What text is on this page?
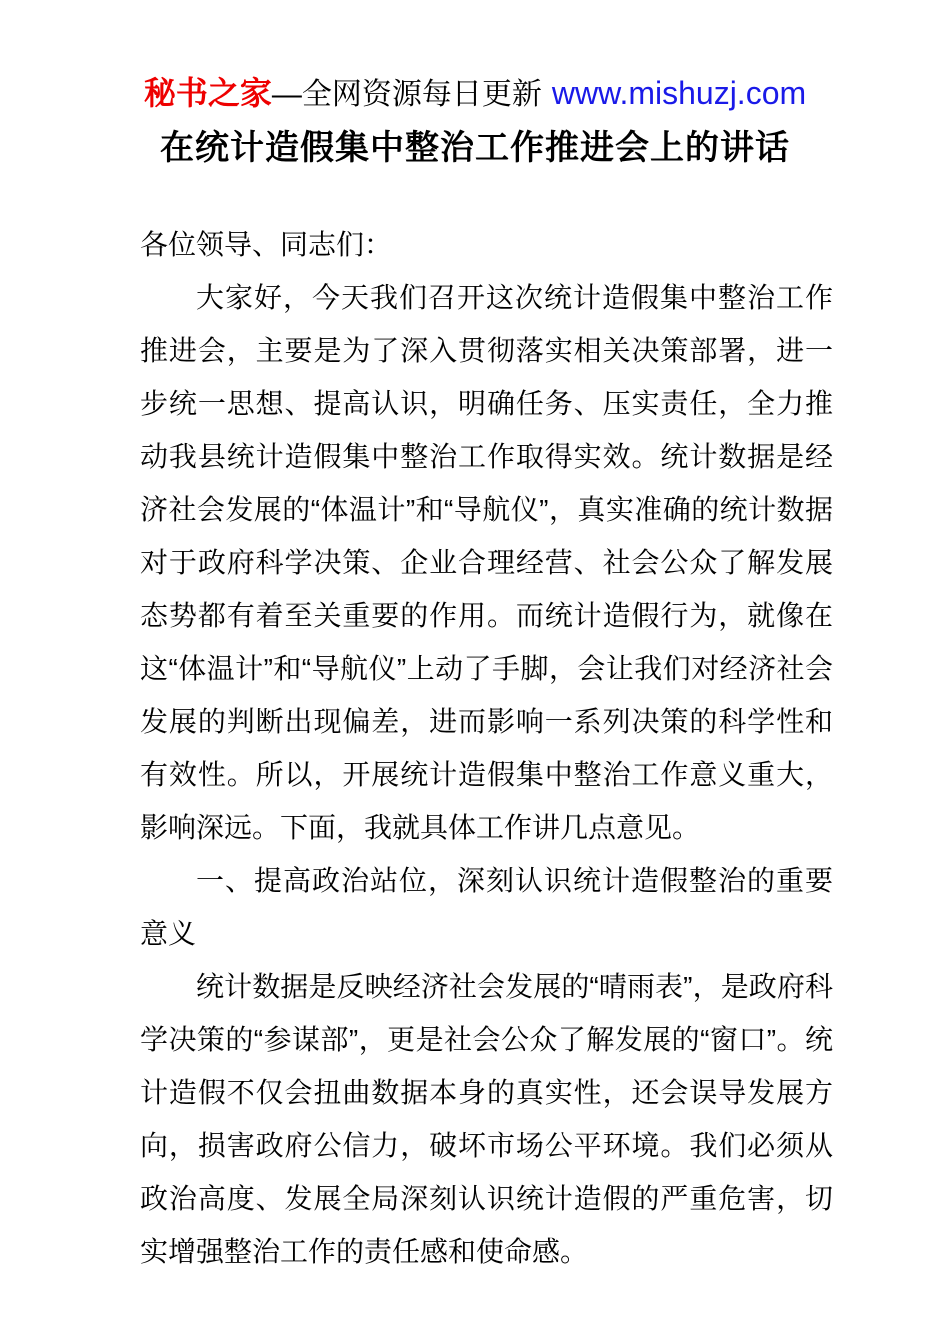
秘书之家—全网资源每日更新 www.mishuzj.com
在统计造假集中整治工作推进会上的讲话

各位领导、同志们：

大家好，今天我们召开这次统计造假集中整治工作推进会，主要是为了深入贯彻落实相关决策部署，进一步统一思想、提高认识，明确任务、压实责任，全力推动我县统计造假集中整治工作取得实效。统计数据是经济社会发展的“体温计”和“导航仪”，真实准确的统计数据对于政府科学决策、企业合理经营、社会公众了解发展态势都有着至关重要的作用。而统计造假行为，就像在这“体温计”和“导航仪”上动了手脚，会让我们对经济社会发展的判断出现偏差，进而影响一系列决策的科学性和有效性。所以，开展统计造假集中整治工作意义重大，影响深远。下面，我就具体工作讲几点意见。

一、提高政治站位，深刻认识统计造假整治的重要意义

统计数据是反映经济社会发展的“晴雨表”，是政府科学决策的“参谋部”，更是社会公众了解发展的“窗口”。统计造假不仅会扭曲数据本身的真实性，还会误导发展方向，损害政府公信力，破坏市场公平环境。我们必须从政治高度、发展全局深刻认识统计造假的严重危害，切实增强整治工作的责任感和使命感。
